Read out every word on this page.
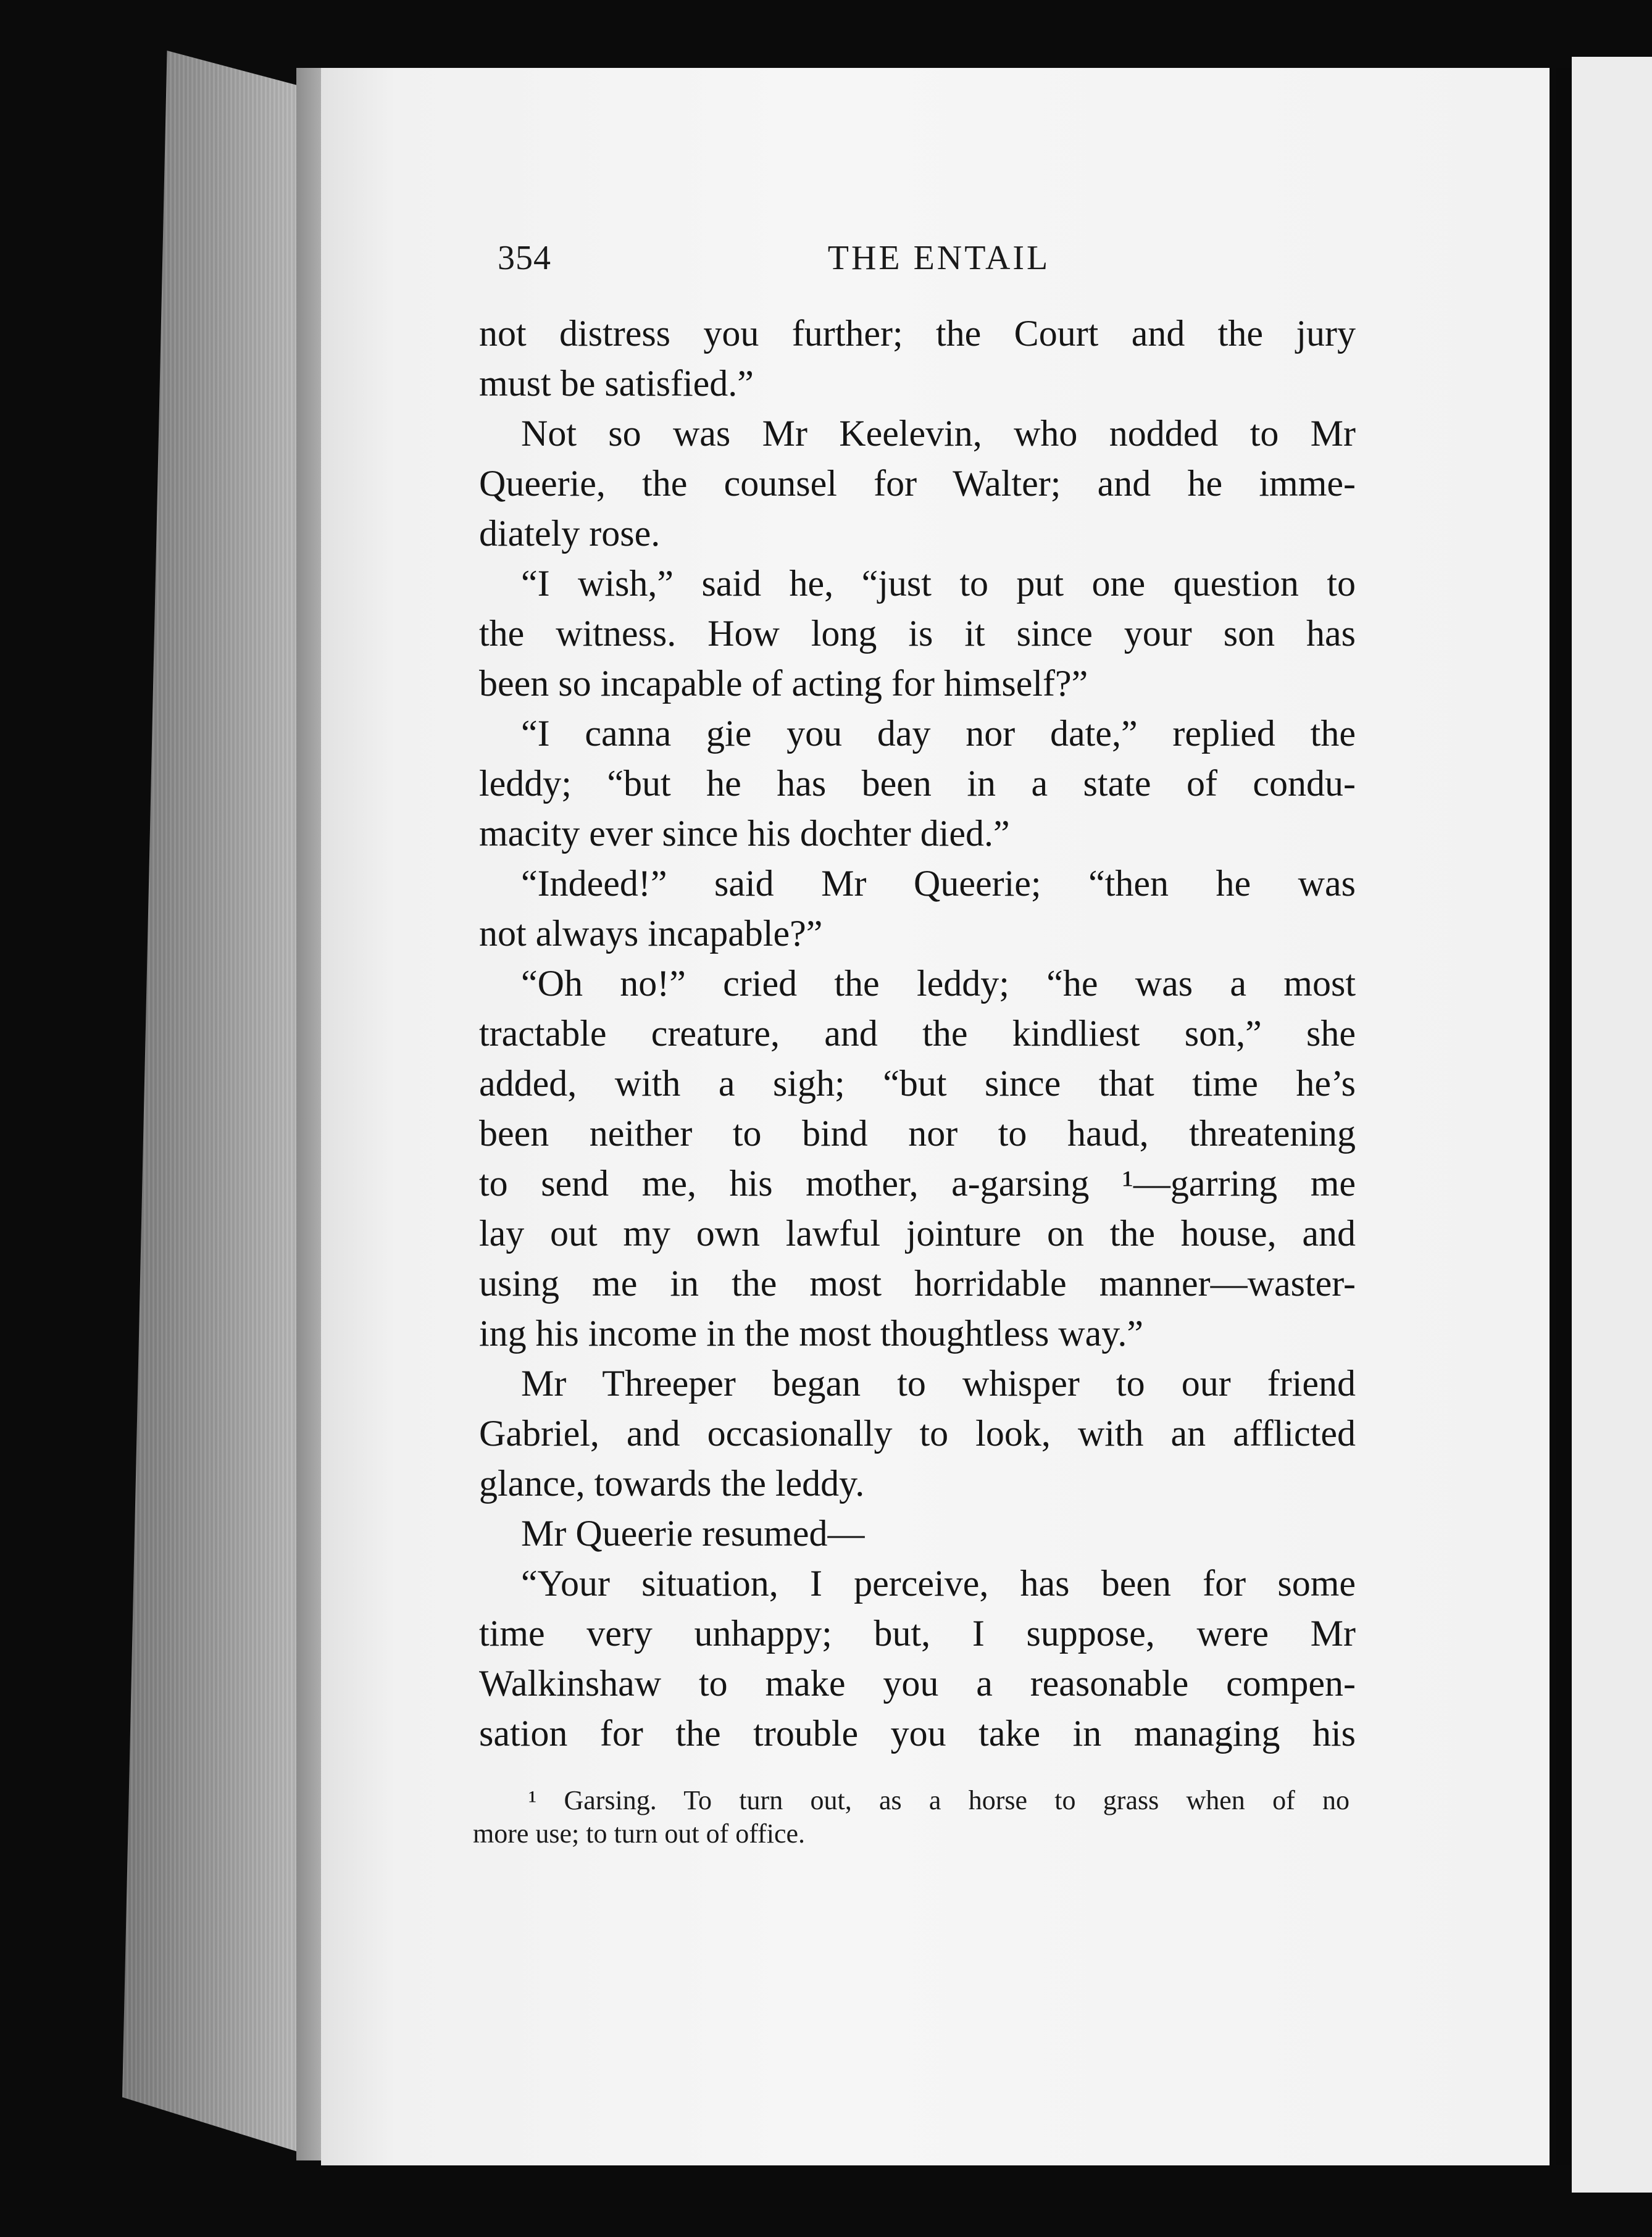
354	THE ENTAIL
not distress you further; the Court and the jury
must be satisfied.”
Not so was Mr Keelevin, who nodded to Mr
Queerie, the counsel for Walter; and he imme-
diately rose.
“I wish,” said he, “just to put one question to
the witness. How long is it since your son has
been so incapable of acting for himself?”
“I canna gie you day nor date,” replied the
leddy; “but he has been in a state of condu-
macity ever since his dochter died.”
“Indeed!” said Mr Queerie; “then he was
not always incapable?”
“Oh no!” cried the leddy; “he was a most
tractable creature, and the kindliest son,” she
added, with a sigh; “but since that time he’s
been neither to bind nor to haud, threatening
to send me, his mother, a-garsing ¹—garring me
lay out my own lawful jointure on the house, and
using me in the most horridable manner—waster-
ing his income in the most thoughtless way.”
Mr Threeper began to whisper to our friend
Gabriel, and occasionally to look, with an afflicted
glance, towards the leddy.
Mr Queerie resumed—
“Your situation, I perceive, has been for some
time very unhappy; but, I suppose, were Mr
Walkinshaw to make you a reasonable compen-
sation for the trouble you take in managing his
¹ Garsing. To turn out, as a horse to grass when of no
more use; to turn out of office.
